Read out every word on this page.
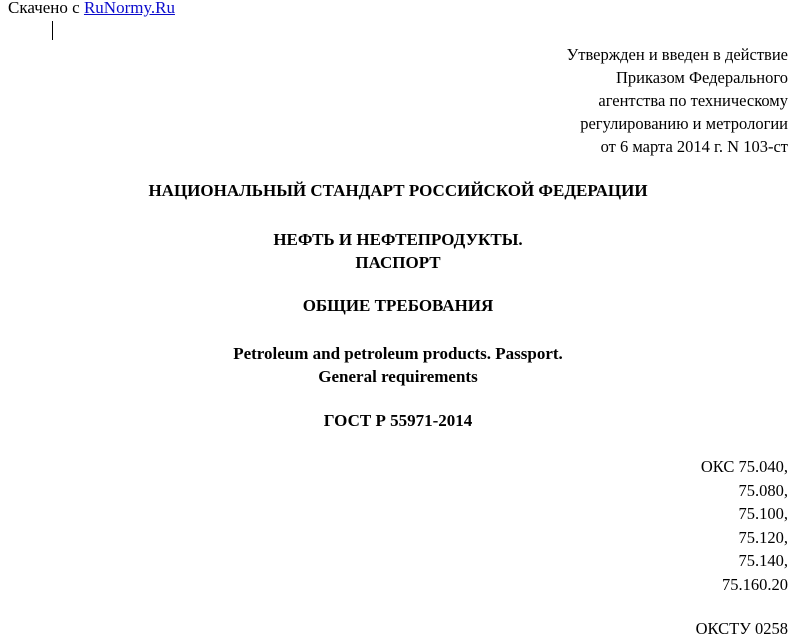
Скачено с RuNormy.Ru
Утвержден и введен в действие
Приказом Федерального
агентства по техническому
регулированию и метрологии
от 6 марта 2014 г. N 103-ст
НАЦИОНАЛЬНЫЙ СТАНДАРТ РОССИЙСКОЙ ФЕДЕРАЦИИ
НЕФТЬ И НЕФТЕПРОДУКТЫ.
ПАСПОРТ
ОБЩИЕ ТРЕБОВАНИЯ
Petroleum and petroleum products. Passport.
General requirements
ГОСТ Р 55971-2014
ОКС 75.040,
75.080,
75.100,
75.120,
75.140,
75.160.20
ОКСТУ 0258
